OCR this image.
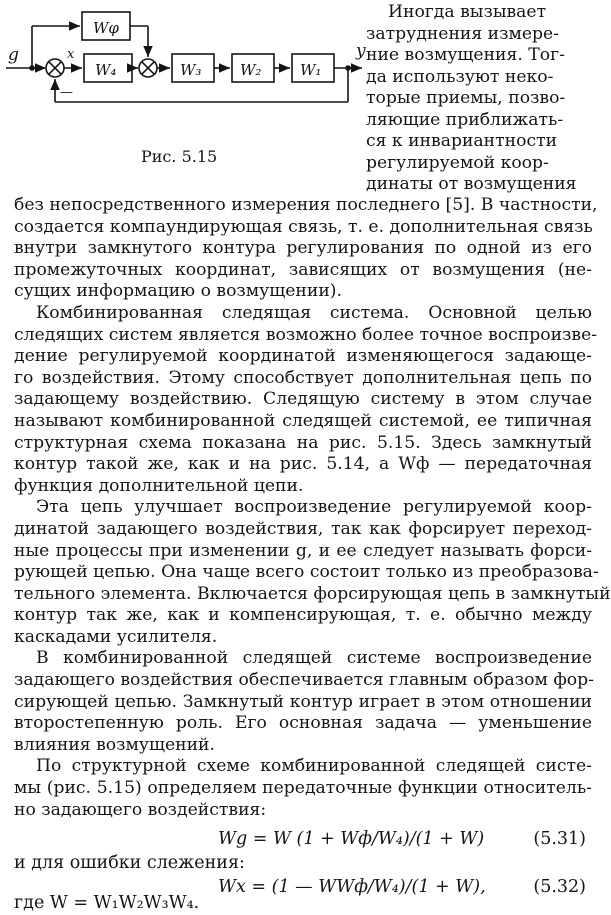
g	y
x
—
Wφ
W₄	W₃	W₂	W₁
Рис. 5.15
Иногда вызывает
затруднения измере-
ние возмущения. Тог-
да используют неко-
торые приемы, позво-
ляющие приближать-
ся к инвариантности
регулируемой коор-
динаты от возмущения
без непосредственного измерения последнего [5]. В частности,
создается компаундирующая связь, т. е. дополнительная связь
внутри замкнутого контура регулирования по одной из его
промежуточных координат, зависящих от возмущения (не-
сущих информацию о возмущении).
Комбинированная следящая система. Основной целью
следящих систем является возможно более точное воспроизве-
дение регулируемой координатой изменяющегося задающе-
го воздействия. Этому способствует дополнительная цепь по
задающему воздействию. Следящую систему в этом случае
называют комбинированной следящей системой, ее типичная
структурная схема показана на рис. 5.15. Здесь замкнутый
контур такой же, как и на рис. 5.14, а Wф — передаточная
функция дополнительной цепи.
Эта цепь улучшает воспроизведение регулируемой коор-
динатой задающего воздействия, так как форсирует переход-
ные процессы при изменении g, и ее следует называть форси-
рующей цепью. Она чаще всего состоит только из преобразова-
тельного элемента. Включается форсирующая цепь в замкнутый
контур так же, как и компенсирующая, т. е. обычно между
каскадами усилителя.
В комбинированной следящей системе воспроизведение
задающего воздействия обеспечивается главным образом фор-
сирующей цепью. Замкнутый контур играет в этом отношении
второстепенную роль. Его основная задача — уменьшение
влияния возмущений.
По структурной схеме комбинированной следящей систе-
мы (рис. 5.15) определяем передаточные функции относитель-
но задающего воздействия:
Wg = W (1 + Wф/W₄)/(1 + W)	(5.31)
и для ошибки слежения:
Wx = (1 — WWф/W₄)/(1 + W),	(5.32)
где W = W₁W₂W₃W₄.
